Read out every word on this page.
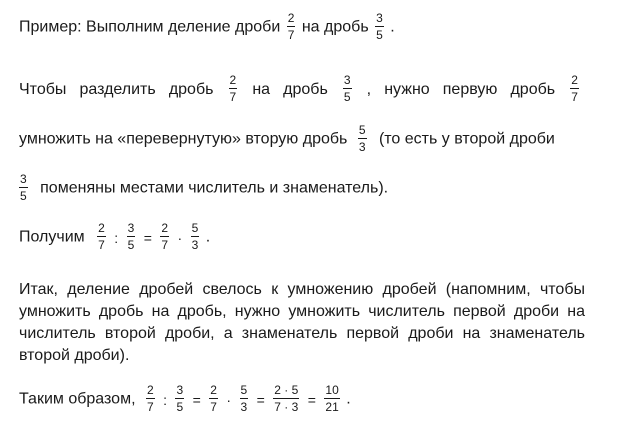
Пример: Выполним деление дроби $\frac{2}{7}$ на дробь $\frac{3}{5}$ .
Чтобы разделить дробь $\frac{2}{7}$ на дробь $\frac{3}{5}$ , нужно первую дробь $\frac{2}{7}$
умножить на «перевернутую» вторую дробь $\frac{5}{3} (то$ есть у второй дроби
$\frac{3}{5}$ поменяны местами числитель и знаменатель).
Получим $\frac{2}{7}$ : $\frac{3}{5} = \frac{2}{7} \cdot \frac{5}{3}$ .
Итак, деление дробей свелось к умножению дробей (напомним, чтобы умножить дробь на дробь, нужно умножить числитель первой дроби на числитель второй дроби, а знаменатель первой дроби на знаменатель второй дроби).
Таким образом, $\frac{2}{7}$ : $\frac{3}{5} = \frac{2}{7} \cdot \frac{5}{3} = \frac{2 \cdot 5}{7 \cdot 3} = \frac{10}{21}$ .
